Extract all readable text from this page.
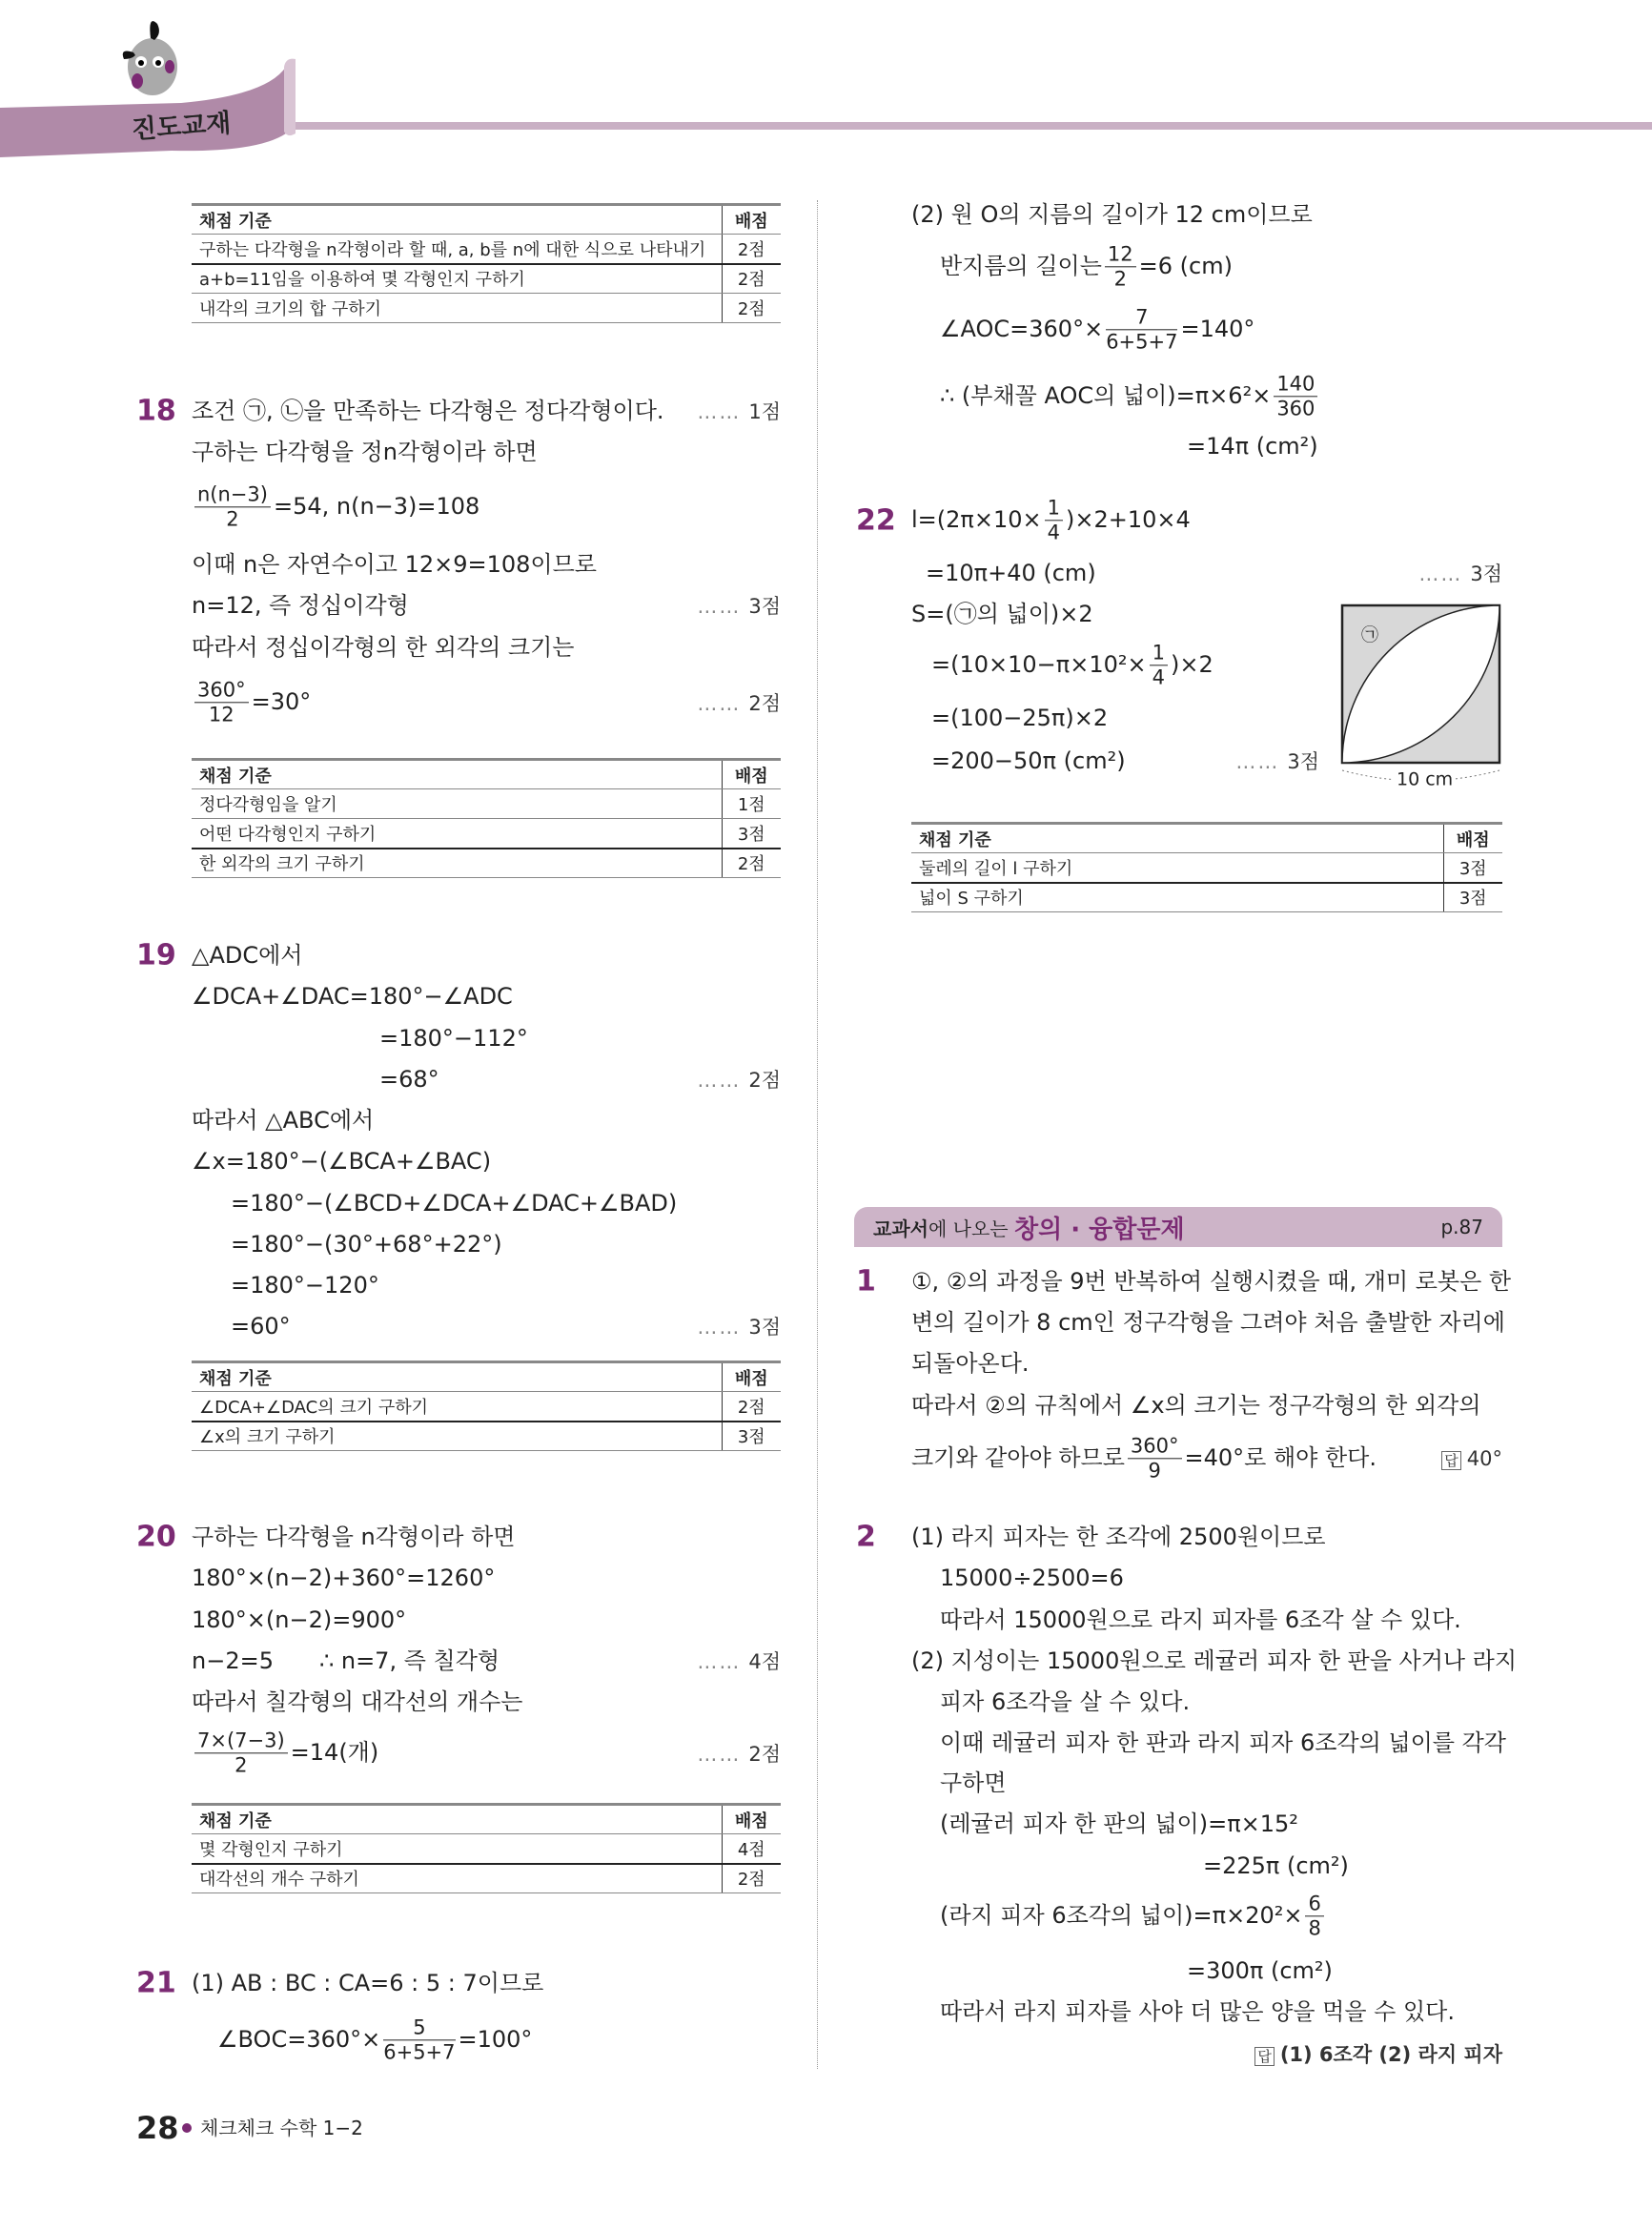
진도교재
채점 기준	배점
구하는 다각형을 n각형이라 할 때, a, b를 n에 대한 식으로 나타내기	2점
a+b=11임을 이용하여 몇 각형인지 구하기	2점
내각의 크기의 합 구하기	2점
18 조건 ㉠, ㉡을 만족하는 다각형은 정다각형이다. …… 1점
구하는 다각형을 정n각형이라 하면
$\frac{n(n-3)}{2} =54$, n(n−3)=108
이때 n은 자연수이고 12×9=108이므로
n=12, 즉 정십이각형	…… 3점
따라서 정십이각형의 한 외각의 크기는
$\frac{360^\circ}{12} =30^\circ$	…… 2점
채점 기준	배점
정다각형임을 알기	1점
어떤 다각형인지 구하기	3점
한 외각의 크기 구하기	2점
19 △ADC에서
∠DCA+∠DAC=180°−∠ADC
=180°−112°
=68°	…… 2점
따라서 △ABC에서
∠x=180°−(∠BCA+∠BAC)
=180°−(∠BCD+∠DCA+∠DAC+∠BAD)
=180°−(30°+68°+22°)
=180°−120°
=60°	…… 3점
채점 기준	배점
∠DCA+∠DAC의 크기 구하기	2점
∠x의 크기 구하기	3점
20 구하는 다각형을 n각형이라 하면
180°×(n−2)+360°=1260°
180°×(n−2)=900°
n−2=5　　∴ n=7, 즉 칠각형	…… 4점
따라서 칠각형의 대각선의 개수는
$\frac{7\times(7-3)}{2} =14$(개)	…… 2점
채점 기준	배점
몇 각형인지 구하기	4점
대각선의 개수 구하기	2점
21 (1) AB : BC : CA=6 : 5 : 7이므로
∠BOC=360°× $\frac{5}{6+5+7} =100^\circ$
(2) 원 O의 지름의 길이가 12 cm이므로
반지름의 길이는 $\frac{12}{2} =6$ (cm)
∠AOC=360°× $\frac{7}{6+5+7} =140^\circ$
∴ (부채꼴 AOC의 넓이)$=\pi\times 6^2\times \frac{140}{360}$
=14π (cm²)
22 $l=(2\pi\times 10\times \frac{1}{4} )\times 2+10\times 4$
=10π+40 (cm)	…… 3점
S=(㉠의 넓이)×2
$=(10\times 10-\pi\times 10^2\times \frac{1}{4} )\times 2$
=(100−25π)×2
=200−50π (cm²)	…… 3점
㉠
10 cm
채점 기준	배점
둘레의 길이 l 구하기	3점
넓이 S 구하기	3점
교과서 에 나오는 창의 · 융합문제	p.87
1 ①, ②의 과정을 9번 반복하여 실행시켰을 때, 개미 로봇은 한
변의 길이가 8 cm인 정구각형을 그려야 처음 출발한 자리에
되돌아온다.
따라서 ②의 규칙에서 ∠x의 크기는 정구각형의 한 외각의
크기와 같아야 하므로 $\frac{360^\circ}{9} =40^\circ$로 해야 한다.	답 40°
2 (1) 라지 피자는 한 조각에 2500원이므로
15000÷2500=6
따라서 15000원으로 라지 피자를 6조각 살 수 있다.
(2) 지성이는 15000원으로 레귤러 피자 한 판을 사거나 라지
피자 6조각을 살 수 있다.
이때 레귤러 피자 한 판과 라지 피자 6조각의 넓이를 각각
구하면
(레귤러 피자 한 판의 넓이)=π×15²
=225π (cm²)
(라지 피자 6조각의 넓이)$=\pi\times 20^2\times \frac{6}{8}$
=300π (cm²)
따라서 라지 피자를 사야 더 많은 양을 먹을 수 있다.
답 (1) 6조각 (2) 라지 피자
28 체크체크 수학 1−2
